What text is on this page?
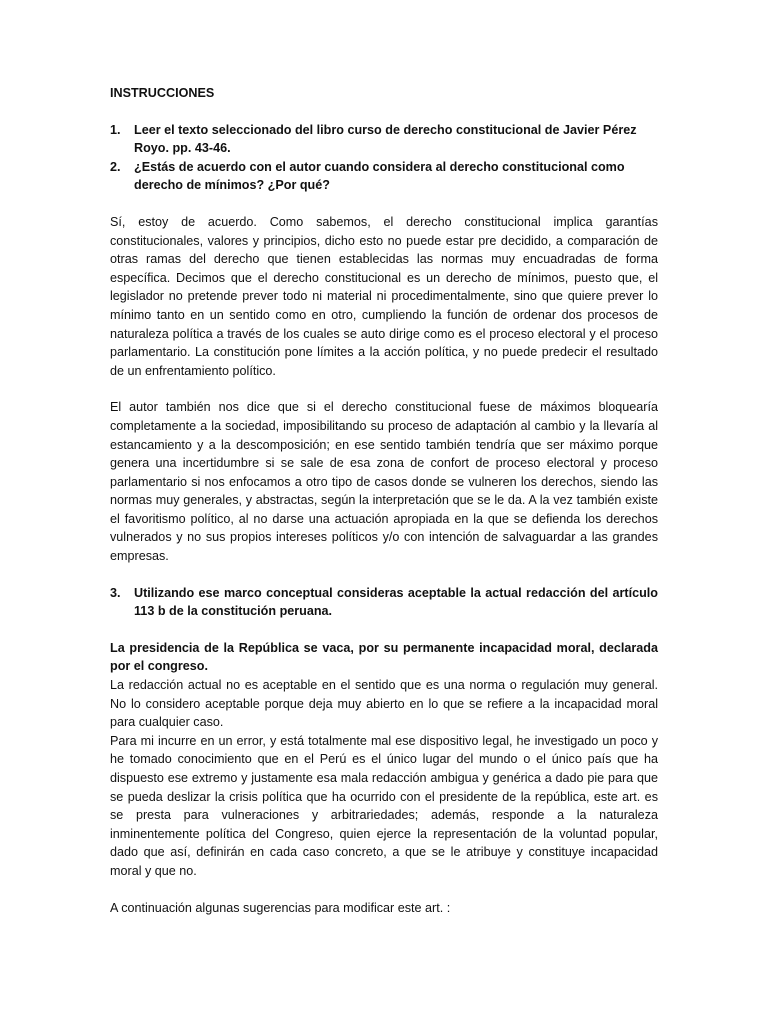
INSTRUCCIONES

1. Leer el texto seleccionado del libro curso de derecho constitucional de Javier Pérez Royo. pp. 43-46.
2. ¿Estás de acuerdo con el autor cuando considera al derecho constitucional como derecho de mínimos? ¿Por qué?

Sí, estoy de acuerdo. Como sabemos, el derecho constitucional implica garantías constitucionales, valores y principios, dicho esto no puede estar pre decidido, a comparación de otras ramas del derecho que tienen establecidas las normas muy encuadradas de forma específica. Decimos que el derecho constitucional es un derecho de mínimos, puesto que, el legislador no pretende prever todo ni material ni procedimentalmente, sino que quiere prever lo mínimo tanto en un sentido como en otro, cumpliendo la función de ordenar dos procesos de naturaleza política a través de los cuales se auto dirige como es el proceso electoral y el proceso parlamentario. La constitución pone límites a la acción política, y no puede predecir el resultado de un enfrentamiento político.

El autor también nos dice que si el derecho constitucional fuese de máximos bloquearía completamente a la sociedad, imposibilitando su proceso de adaptación al cambio y la llevaría al estancamiento y a la descomposición; en ese sentido también tendría que ser máximo porque genera una incertidumbre si se sale de esa zona de confort de proceso electoral y proceso parlamentario si nos enfocamos a otro tipo de casos donde se vulneren los derechos, siendo las normas muy generales, y abstractas, según la interpretación que se le da. A la vez también existe el favoritismo político, al no darse una actuación apropiada en la que se defienda los derechos vulnerados y no sus propios intereses políticos y/o con intención de salvaguardar a las grandes empresas.

3. Utilizando ese marco conceptual consideras aceptable la actual redacción del artículo 113 b de la constitución peruana.

La presidencia de la República se vaca, por su permanente incapacidad moral, declarada por el congreso.

La redacción actual no es aceptable en el sentido que es una norma o regulación muy general. No lo considero aceptable porque deja muy abierto en lo que se refiere a la incapacidad moral para cualquier caso.

Para mi incurre en un error, y está totalmente mal ese dispositivo legal, he investigado un poco y he tomado conocimiento que en el Perú es el único lugar del mundo o el único país que ha dispuesto ese extremo y justamente esa mala redacción ambigua y genérica a dado pie para que se pueda deslizar la crisis política que ha ocurrido con el presidente de la república, este art. es se presta para vulneraciones y arbitrariedades; además, responde a la naturaleza inminentemente política del Congreso, quien ejerce la representación de la voluntad popular, dado que así, definirán en cada caso concreto, a que se le atribuye y constituye incapacidad moral y que no.

A continuación algunas sugerencias para modificar este art. :
